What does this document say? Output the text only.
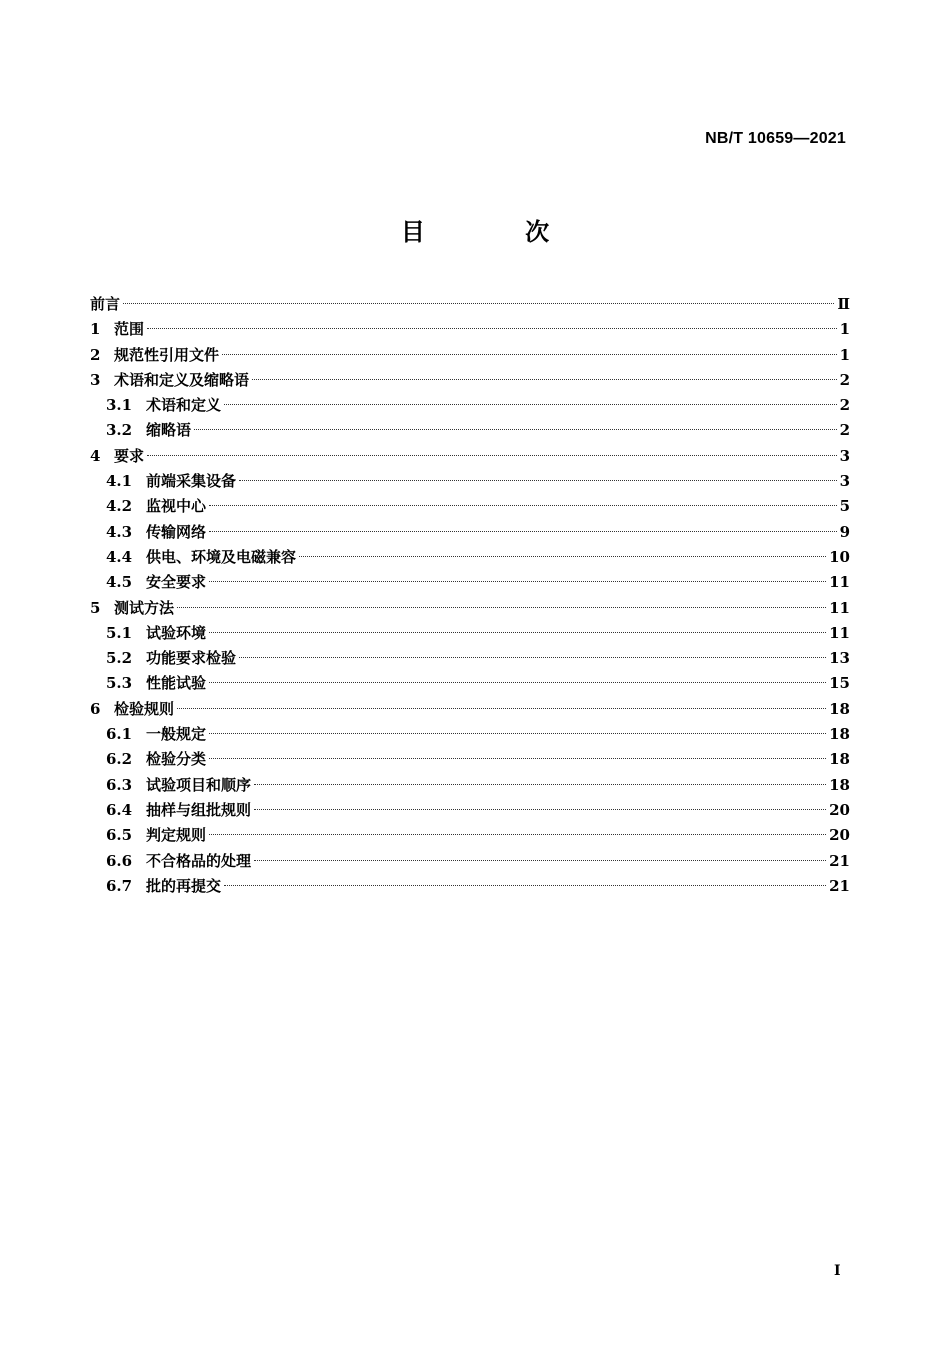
NB/T 10659—2021
目 次
前言	Ⅱ
1 范围	1
2 规范性引用文件	1
3 术语和定义及缩略语	2
3.1 术语和定义	2
3.2 缩略语	2
4 要求	3
4.1 前端采集设备	3
4.2 监视中心	5
4.3 传输网络	9
4.4 供电、环境及电磁兼容	10
4.5 安全要求	11
5 测试方法	11
5.1 试验环境	11
5.2 功能要求检验	13
5.3 性能试验	15
6 检验规则	18
6.1 一般规定	18
6.2 检验分类	18
6.3 试验项目和顺序	18
6.4 抽样与组批规则	20
6.5 判定规则	20
6.6 不合格品的处理	21
6.7 批的再提交	21
I
